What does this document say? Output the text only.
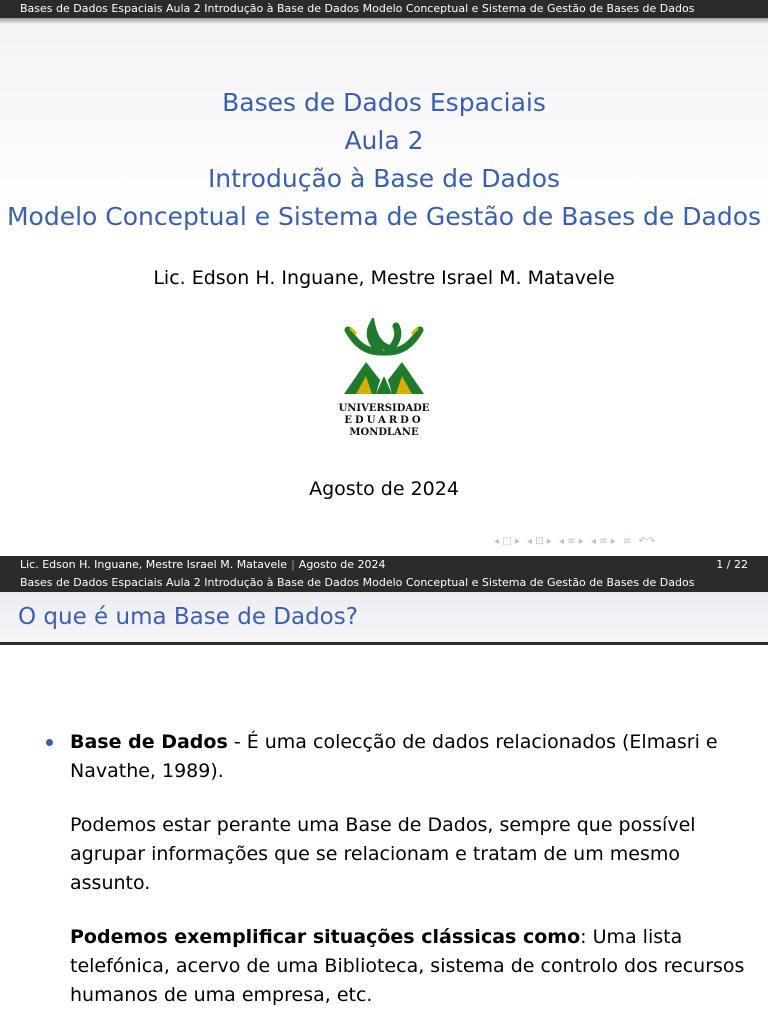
Bases de Dados Espaciais Aula 2 Introdução à Base de Dados Modelo Conceptual e Sistema de Gestão de Bases de Dados
Bases de Dados Espaciais
Aula 2
Introdução à Base de Dados
Modelo Conceptual e Sistema de Gestão de Bases de Dados
Lic. Edson H. Inguane, Mestre Israel M. Matavele
UNIVERSIDADE
EDUARDO
MONDLANE
Agosto de 2024
◂ □ ▸ ◂ ⊡ ▸ ◂ ≡ ▸ ◂ ≡ ▸ ≡ ↶↷
Lic. Edson H. Inguane, Mestre Israel M. Matavele | Agosto de 2024	1 / 22
Bases de Dados Espaciais Aula 2 Introdução à Base de Dados Modelo Conceptual e Sistema de Gestão de Bases de Dados
O que é uma Base de Dados?

Base de Dados - É uma colecção de dados relacionados (Elmasri e Navathe, 1989).

Podemos estar perante uma Base de Dados, sempre que possível agrupar informações que se relacionam e tratam de um mesmo assunto.

Podemos exemplificar situações clássicas como: Uma lista telefónica, acervo de uma Biblioteca, sistema de controlo dos recursos humanos de uma empresa, etc.
